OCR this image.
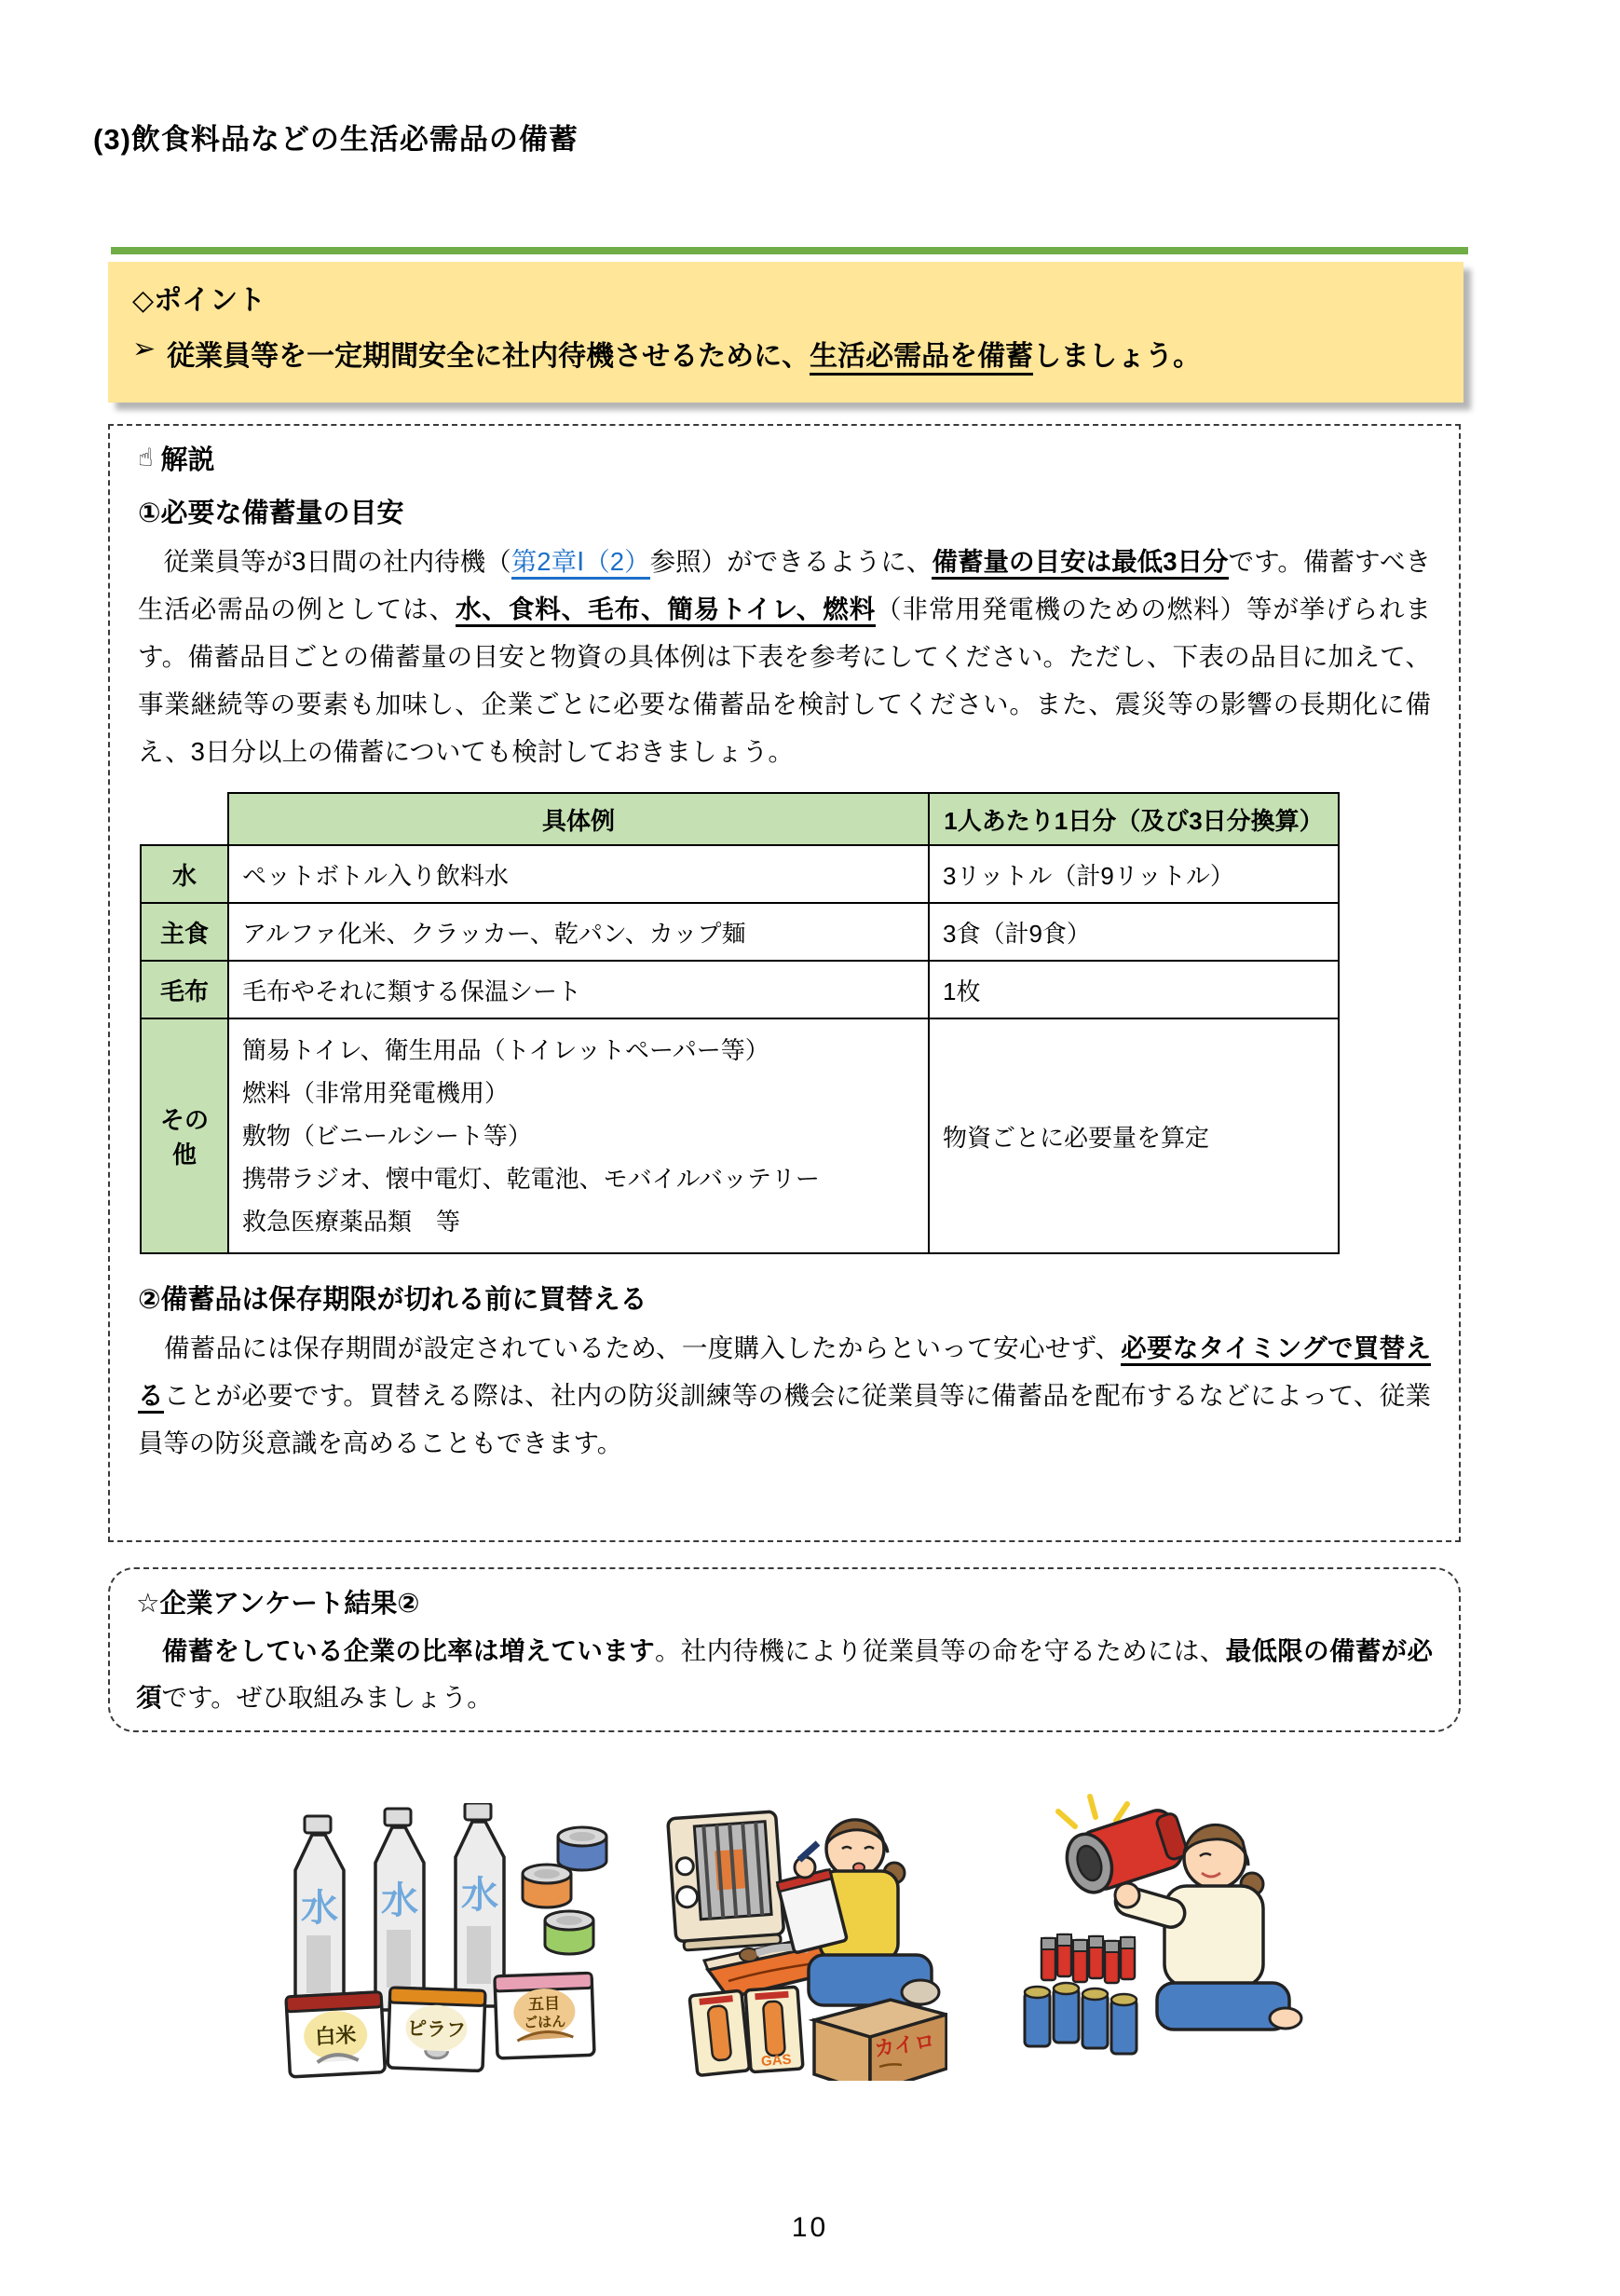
(3)飲食料品などの生活必需品の備蓄
◇ポイント
➢ 従業員等を一定期間安全に社内待機させるために、生活必需品を備蓄しましょう。
☝ 解説
①必要な備蓄量の目安
　従業員等が3日間の社内待機（第2章Ⅰ（2）参照）ができるように、備蓄量の目安は最低3日分です。備蓄すべき生活必需品の例としては、水、食料、毛布、簡易トイレ、燃料（非常用発電機のための燃料）等が挙げられます。備蓄品目ごとの備蓄量の目安と物資の具体例は下表を参考にしてください。ただし、下表の品目に加えて、事業継続等の要素も加味し、企業ごとに必要な備蓄品を検討してください。また、震災等の影響の長期化に備え、3日分以上の備蓄についても検討しておきましょう。
	具体例	1人あたり1日分（及び3日分換算）
水	ペットボトル入り飲料水	3リットル（計9リットル）
主食	アルファ化米、クラッカー、乾パン、カップ麺	3食（計9食）
毛布	毛布やそれに類する保温シート	1枚
その他	簡易トイレ、衛生用品（トイレットペーパー等）
燃料（非常用発電機用）
敷物（ビニールシート等）
携帯ラジオ、懐中電灯、乾電池、モバイルバッテリー
救急医療薬品類　等	物資ごとに必要量を算定
②備蓄品は保存期限が切れる前に買替える
　備蓄品には保存期間が設定されているため、一度購入したからといって安心せず、必要なタイミングで買替えることが必要です。買替える際は、社内の防災訓練等の機会に従業員等に備蓄品を配布するなどによって、従業員等の防災意識を高めることもできます。
☆企業アンケート結果②
　備蓄をしている企業の比率は増えています。社内待機により従業員等の命を守るためには、最低限の備蓄が必須です。ぜひ取組みましょう。
水 水 水
白米	ピラフ
五目
ごはん
GAS	カイロ
10
